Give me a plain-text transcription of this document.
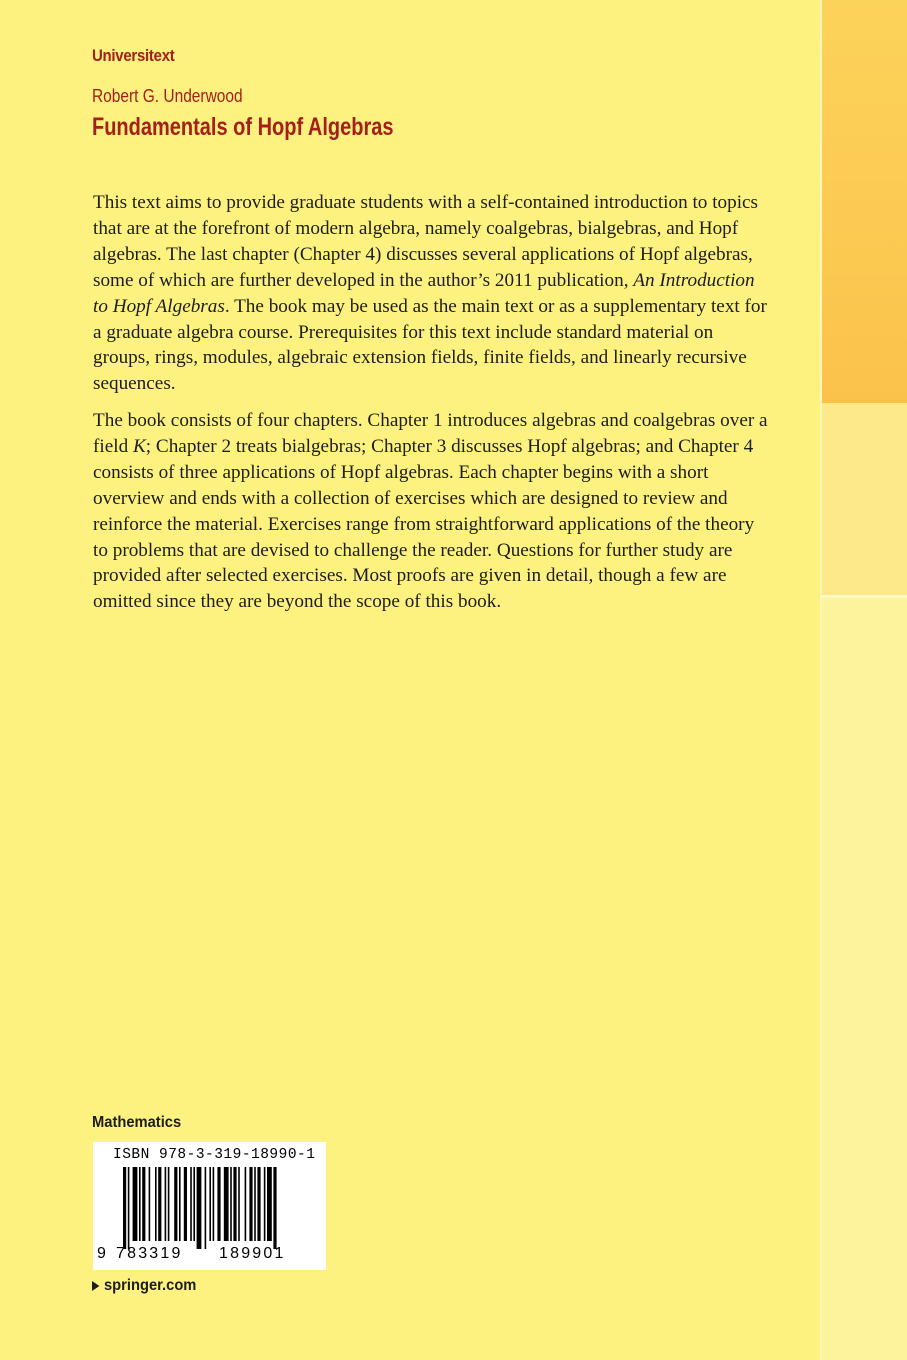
Universitext
Robert G. Underwood
Fundamentals of Hopf Algebras

This text aims to provide graduate students with a self-contained introduction to topics that are at the forefront of modern algebra, namely coalgebras, bialgebras, and Hopf algebras. The last chapter (Chapter 4) discusses several applications of Hopf algebras, some of which are further developed in the author’s 2011 publication, An Introduction to Hopf Algebras. The book may be used as the main text or as a supplementary text for a graduate algebra course. Prerequisites for this text include standard material on groups, rings, modules, algebraic extension fields, finite fields, and linearly recursive sequences.

The book consists of four chapters. Chapter 1 introduces algebras and coalgebras over a field K; Chapter 2 treats bialgebras; Chapter 3 discusses Hopf algebras; and Chapter 4 consists of three applications of Hopf algebras. Each chapter begins with a short overview and ends with a collection of exercises which are designed to review and reinforce the material. Exercises range from straightforward applications of the theory to problems that are devised to challenge the reader. Questions for further study are provided after selected exercises. Most proofs are given in detail, though a few are omitted since they are beyond the scope of this book.

Mathematics
ISBN 978-3-319-18990-1
9 783319 189901
springer.com
